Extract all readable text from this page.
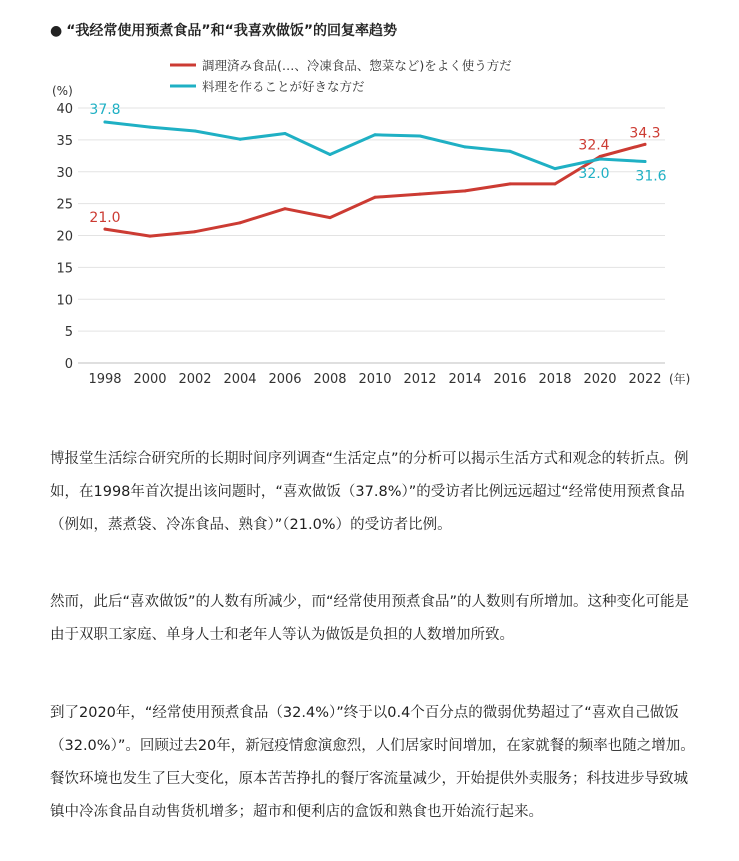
● “我经常使用预煮食品”和“我喜欢做饭”的回复率趋势
調理済み食品(…、冷凍食品、惣菜など)をよく使う方だ
料理を作ることが好きな方だ
0
5
10
15
20
25
30
35
40
(%)
1998 2000 2002 2004 2006 2008 2010 2012 2014 2016 2018 2020 2022 (年)
21.0
32.4
34.3
37.8
32.0 31.6
博报堂生活综合研究所的长期时间序列调查“生活定点”的分析可以揭示生活方式和观念的转折点。例如，在1998年首次提出该问题时，“喜欢做饭（37.8%）”的受访者比例远远超过“经常使用预煮食品（例如，蒸煮袋、冷冻食品、熟食）”（21.0%）的受访者比例。
然而，此后“喜欢做饭”的人数有所减少，而“经常使用预煮食品”的人数则有所增加。这种变化可能是由于双职工家庭、单身人士和老年人等认为做饭是负担的人数增加所致。
到了2020年，“经常使用预煮食品（32.4%）”终于以0.4个百分点的微弱优势超过了“喜欢自己做饭（32.0%）”。回顾过去20年，新冠疫情愈演愈烈，人们居家时间增加，在家就餐的频率也随之增加。餐饮环境也发生了巨大变化，原本苦苦挣扎的餐厅客流量减少，开始提供外卖服务；科技进步导致城镇中冷冻食品自动售货机增多；超市和便利店的盒饭和熟食也开始流行起来。
